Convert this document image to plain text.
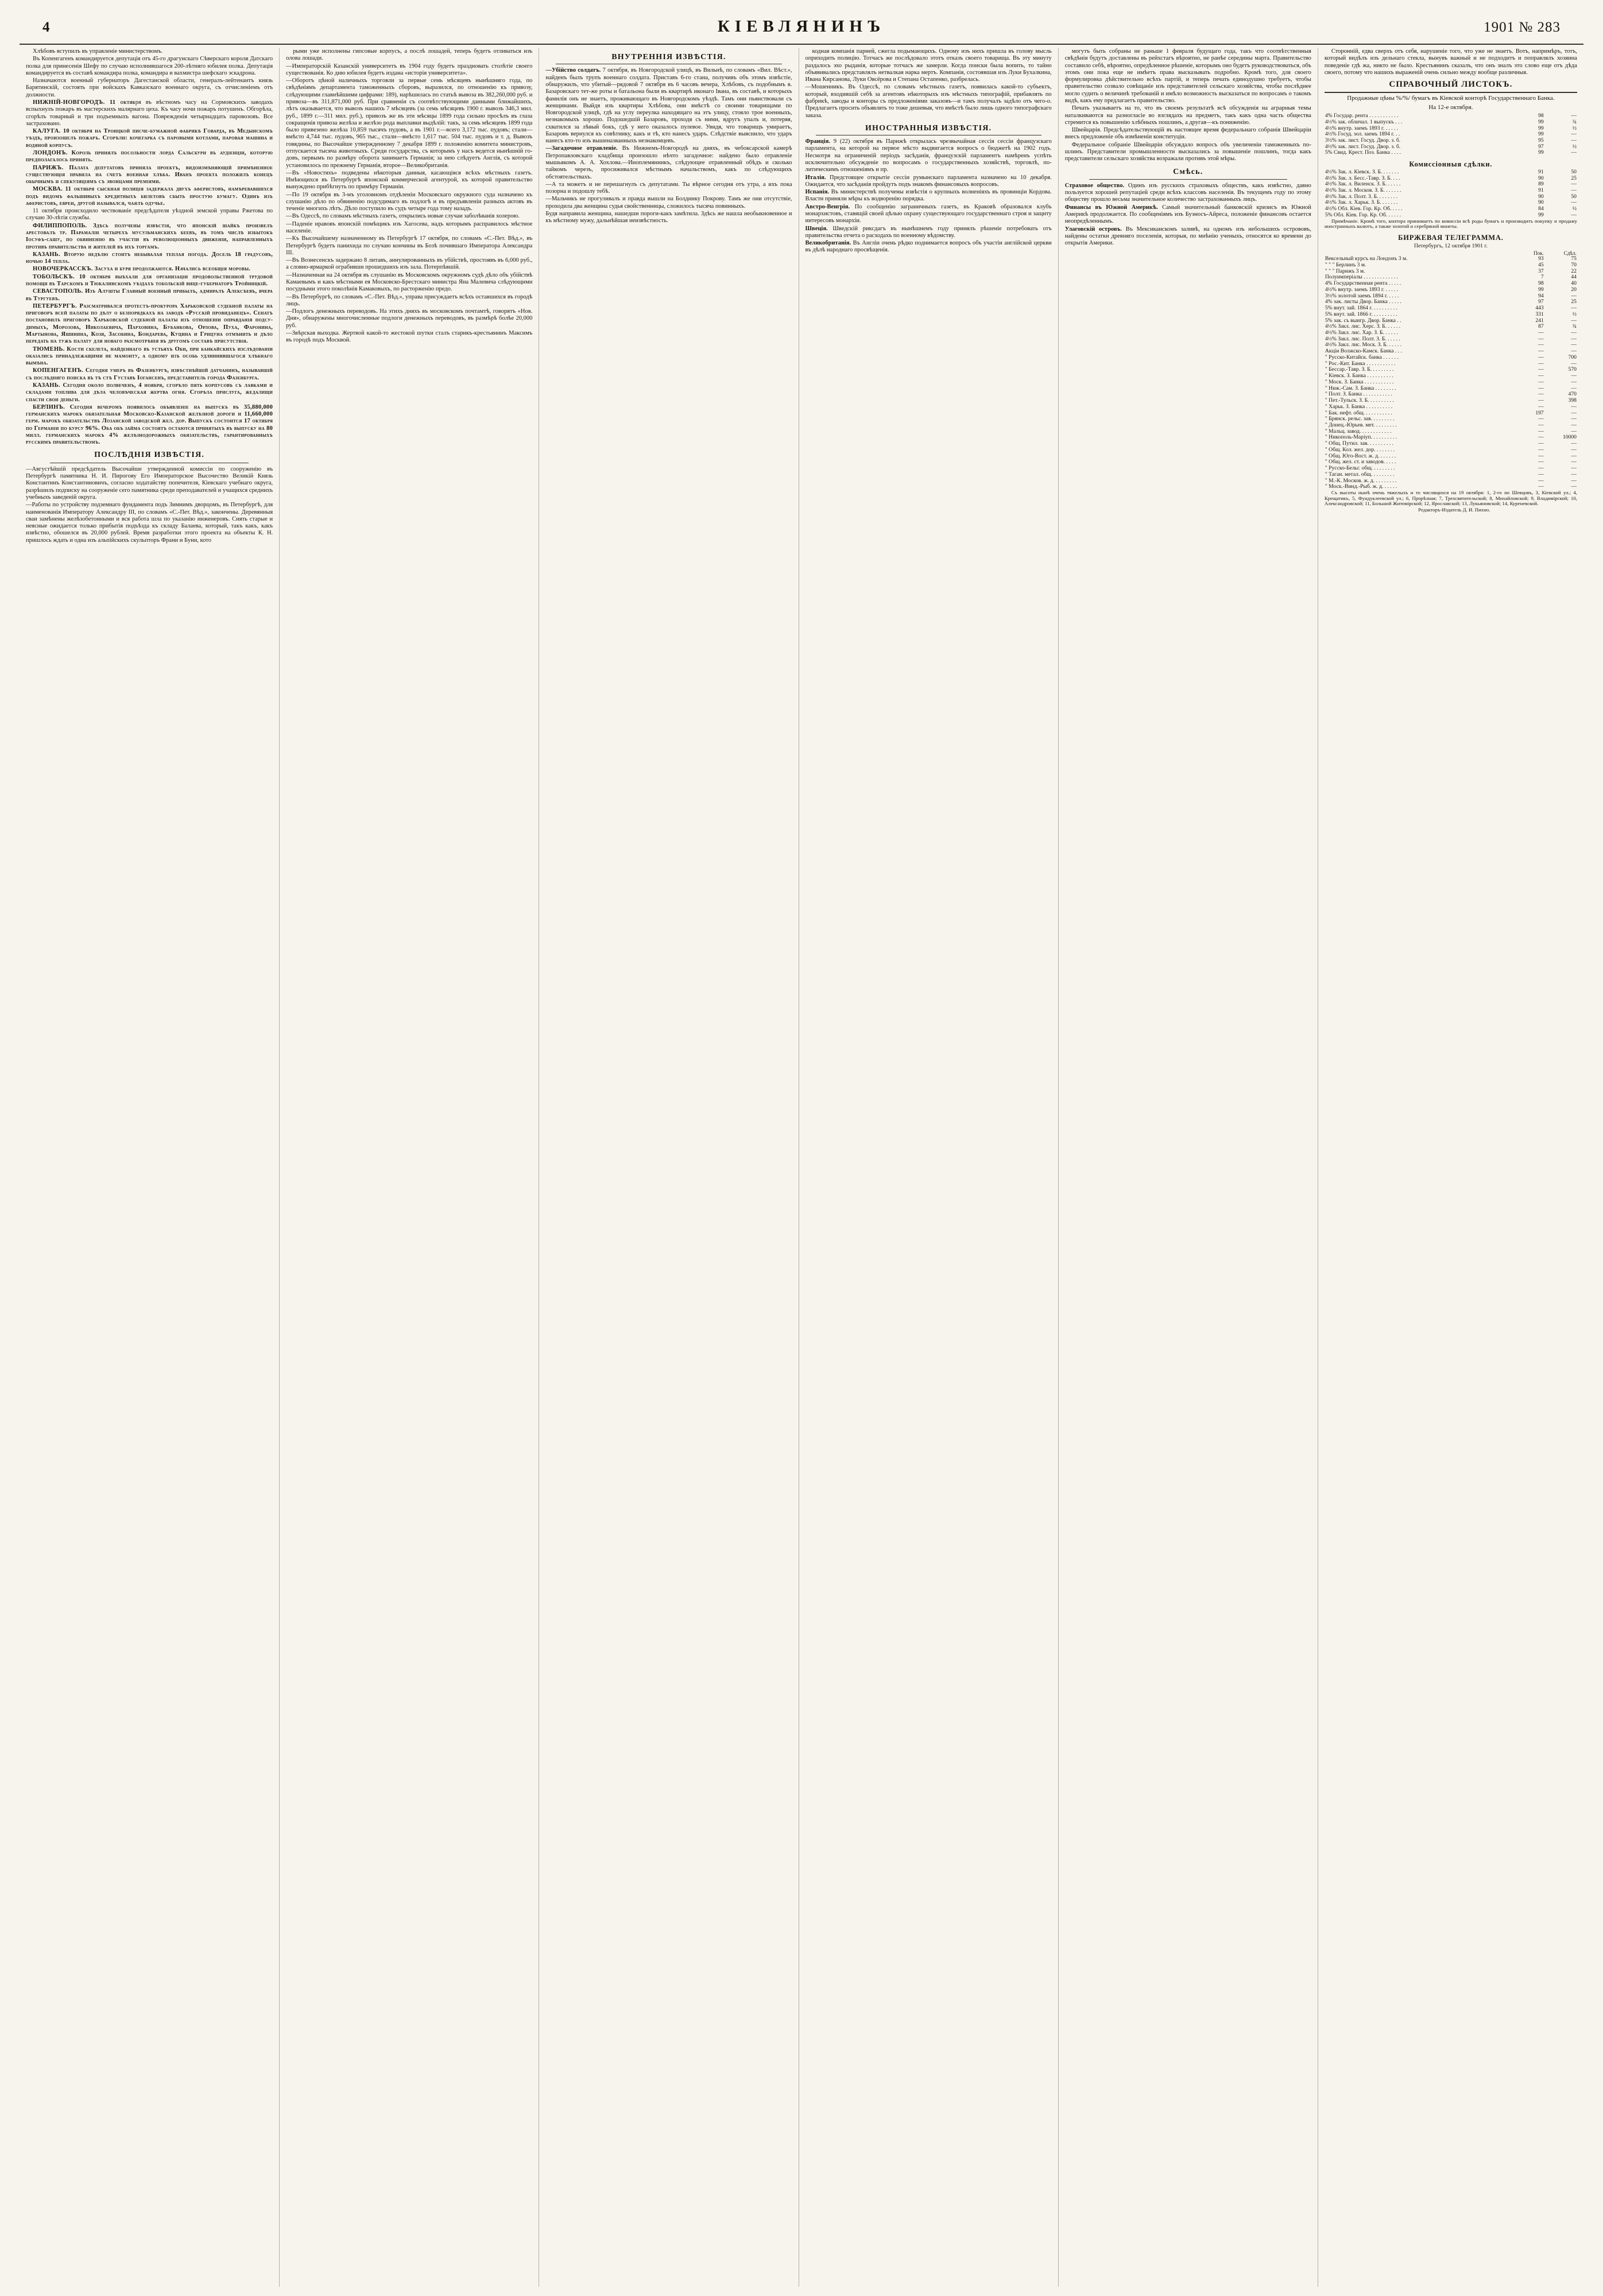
4	КІЕВЛЯНИНЪ	1901 № 283

Хлѣбовъ вступилъ въ управленіе министерствомъ.

Въ Копенгагенъ командируется депутація отъ 45-го драгунскаго Сѣверскаго короля Датскаго полка для принесенія Шефу по случаю исполнившагося 200-лѣтняго юбилея полка. Депутація командируется въ составѣ командира полка, командира и вахмистра шефскаго эскадрона.

Назначаются военный губернаторъ Дагестанской области, генералъ-лейтенантъ князь Барятинскій, состоять при войскахъ Кавказскаго военнаго округа, съ отчисленіемъ отъ должности.

НИЖНІЙ-НОВГОРОДЪ. 11 октября въ вѣстномъ часу на Сормовскихъ заводахъ вспыхнулъ пожаръ въ мастерскихъ малярнаго цеха. Къ часу ночи пожаръ потушенъ. Обгорѣла, сгорѣлъ товарный и три подъемныхъ вагона. Поврежденія четырнадцать паровозовъ. Все застраховано.

КАЛУГА. 10 октября на Троицкой писче-бумажной фабрикѣ Говарда, въ Медынскомъ уѣздѣ, произошелъ пожаръ. Сгорѣли: кочегарка съ паровыми котлами, паровая машина и водяной корпусъ.

ЛОНДОНЪ. Король принялъ посольности лорда Сальсбури въ аудіенціи, которую предполагалось принять.

ПАРИЖЪ. Палата депутатовъ приняла проектъ, видоизмѣняющій примѣненное существующія правила на счетъ военная хлѣба. Иванъ проекта положилъ конецъ обычнымъ и спекуляціямъ съ эвонцами преміями.

МОСКВА. 11 октября сыскная полиція задержала двухъ аферистовъ, намѣревавшихся подъ видомъ фальшивыхъ кредитныхъ билетовъ сбыть простую бумагу. Одинъ изъ аферистовъ, евреи, другой назывался, чаялъ одучье.

11 октября происходило чествованіе предсѣдателя уѣздной земской управы Ржетова по случаю 30-лѣтія службы.

ФИЛИППОПОЛЬ. Здѣсь получены извѣстія, что японскій шайкъ произвелъ арестовалъ тр. Парамаліи четырехъ мусульманскихъ беевъ, въ томъ числѣ избытокъ Іосуфъ-сашу, по обвиненію въ участіи въ революціонныхъ движеніи, направленныхъ противъ правительства и жителей въ ихъ торгамъ.

КАЗАНЬ. Вторую недѣлю стоитъ небывалая теплая погода. Досель 18 градусовъ, ночью 14 тепла.

НОВОЧЕРКАССКЪ. Засуха и буря продолжаются. Начались всеобщія моровы.

ТОБОЛЬСКЪ. 10 октября выѣхали для организаціи продовольственной трудовой помощи въ Тарскомъ и Тюкалинскомъ уѣздахъ тобольскій вице-губернаторъ Тройницкій.

СЕВАСТОПОЛЬ. Изъ Алушты Главный военный прибылъ, адмиралъ Алексѣевъ, вчера въ Тургуевѣ.

ПЕТЕРБУРГЪ. Разсматривался протестъ-прокурора Харьковской судебной палаты на приговоръ всей палаты по дѣлу о безпорядкахъ на заводѣ «Русскій провиданецъ». Сенатъ постановилъ приговоръ Харьковской судебной палаты изъ отношеніи оправданія подсудимыхъ, Морозова, Николаевича, Парховина, Бубанкова, Орлова, Пуха, Фаронина, Мартынова, Яшинина, Козя, Засобина, Бондарева, Куцина и Грицуна отмѣнить и дѣло передать на тужъ палату для новаго разсмотрѣнія въ другомъ составѣ присутствія.

ТЮМЕНЬ. Кости скелета, найденнаго въ устьяхъ Оби, при банкайскихъ изслѣдованіи оказались принадлежащими не мамонту, а одному изъ особь удлиннившагося хлѣбнаго вымѣна.

КОПЕНГАГЕНЪ. Сегодня умеръ въ Фазенбургѣ, извѣстнѣйшій датчанинъ, называвшій съ послѣдняго поиска въ тѣ стѣ Густавъ Іогансенъ, представитель города Фазенбурга.

КАЗАНЬ. Сегодня около полвеченъ, 4 ноября, сгорѣло пять корпусовъ съ лавками и складами топлива для дѣла человѣческая жертва огня. Сгорѣла прислуга, жедалищи спасти свои деньги.

БЕРЛИНЪ. Сегодня вечеромъ появилось объявленіе на выпускъ въ 35,880,000 германскихъ марокъ обязательная Московско-Казанской желѣзной дороги и 11,660,000 герм. марокъ обязательствъ Лозанской заводской жел. дор. Выпускъ состоится 17 октября по Германіи по курсу 96%. Оба объ займа состоятъ остаются принятыхъ въ выпуску на 80 милл. германскихъ марокъ 4% желѣзнодорожныхъ обязательствъ, гарантированныхъ русскимъ правительствомъ.

ПОСЛѢДНІЯ ИЗВѢСТІЯ.

—Августѣйшій предсѣдатель Высочайше утвержденной комиссіи по сооруженію въ Петербургѣ памятника Н. И. Пирогову Его Императорское Высочество Великій Князь Константинъ Константиновичъ, согласно ходатайству попечителя, Кіевскаго учебнаго округа, разрѣшилъ подписку на сооруженіе сего памятника среди преподавателей и учащихся среднихъ учебныхъ заведеній округа.

—Работы по устройству подземнаго фундамента подъ Зимнимъ дворцомъ, въ Петербургѣ, для наименованія Императору Александру III, по словамъ «С.-Пет. Вѣд.», закончены. Деревянныя сваи замѣнены желѣзобетонными и вся работа шла по указанію инженеровъ. Снять старые и неясные ожидается только прибытія подъѣзда къ складу Балаева, который, такъ какъ, какъ извѣстно, обошелся въ 20,000 рублей. Время разработки этого проекта на объекты К. Н. пришлось ждать и одна изъ альпійскихъ скульпторъ Франи и Буни, кото

рыми уже исполнены гипсовые корпусъ, а послѣ лошадей, теперь будетъ отливаться изъ олова лошади.

—Императорскій Казанскій университетъ въ 1904 году будетъ праздновать столѣтіе своего существованія. Ко дню юбилея будетъ издана «исторія университета».

—Оборотъ цѣной наличныхъ торговли за первые семь мѣсяцевъ нынѣшняго года, по свѣдѣніямъ департамента таможенныхъ сборовъ, выразился, по отношенію къ привозу, слѣдующими главнѣйшими цифрами: 189), нарѣшилась по статьѣ вывоза въ 382,260,000 руб. и привоза—въ 311,871,000 руб. При сравненіи съ соотвѣтствующими данными ближайшихъ, лѣтъ оказывается, что вывозъ нашихъ 7 мѣсяцевъ (за семь мѣсяцевъ 1900 г. вывозъ 346,3 мил. руб., 1899 г.—311 мил. руб.), привозъ же въ эти мѣсяцы 1899 года сильно просѣлъ въ глаза сокращенія привоза желѣза и желѣзо рода выплавки выдѣлій: такъ, за семь мѣсяцевъ 1899 года было привезено желѣза 10,859 тысячъ пудовъ, а въ 1901 г.—всего 3,172 тыс. пудовъ; стали—вмѣсто 4,744 тыс. пудовъ, 965 тыс., стали—вмѣсто 1,617 тыс. 504 тыс. пудовъ и т. д. Вывозъ говядины, по Высочайше утвержденному 7 декабря 1899 г. положенію комитета министровъ, отпускается тысяча животныхъ. Среди государства, съ которымъ у насъ ведется нынѣшній годовъ, первымъ по размѣру оборота занимаетъ Германія; за нею слѣдуетъ Англія, съ которой установилось по прежнему Германія, второе—Великобританія.

—Въ «Новостяхъ» подведены нѣкоторыя данныя, касающіяся всѣхъ мѣстныхъ газетъ. Имѣющихся въ Петербургѣ японской коммерческой агентурой, къ которой правительство вынуждено прибѣгнуть по примѣру Германіи.

—По 19 октября въ 3-мъ уголовномъ отдѣленіи Московскаго окружного суда назначено къ слушанію дѣло по обвиненію подсудимаго въ подлогѣ и въ предъявленіи разныхъ актовъ въ теченіе многихъ лѣтъ. Дѣло поступило въ судъ четыре года тому назадъ.

—Въ Одессѣ, по словамъ мѣстныхъ газетъ, открылись новые случаи заболѣванія холерою.

—Паденіе нравовъ японскій помѣщикъ изъ Хагосева, надъ которымъ расправилось мѣстное населеніе.

—Къ Высочайшему назначенному въ Петербургѣ 17 октября, по словамъ «С.-Пет. Вѣд.», въ Петербургѣ будетъ панихида по случаю кончины въ Бозѣ почившаго Императора Александра III.

—Въ Вознесенскъ задержано 8 литавъ, аннулированныхъ въ убійствѣ, простоявъ въ 6,000 руб., а словно-ярмаркой ограбивши прошедшихъ изъ зала. Потерпѣвшій.

—Назначенная на 24 октября въ слушанію въ Московскомъ окружномъ судѣ дѣло объ убійствѣ Камаевымъ и какъ мѣстными ея Московско-Брестскаго министра Яна Малевича слѣдующими посудными этого поколѣнія Камаковыхъ, по расторженію предо.

—Въ Петербургѣ, по словамъ «С.-Пет. Вѣд.», управа присуждаетъ всѣхъ оставшихся въ городѣ лицъ.

—Подлогъ денежныхъ переводовъ. На этихъ дняхъ въ московскомъ почтамтѣ, говорятъ «Нов. Дня», обнаружены многочисленные подлоги денежныхъ переводовъ, въ размѣрѣ болѣе 20,000 руб.

—Звѣрская выходка. Жертвой какой-то жестокой шутки сталъ старикъ-крестьянинъ Максимъ въ городѣ подъ Москвой.

ВНУТРЕННІЯ ИЗВѢСТІЯ.

—Убійство солдатъ. 7 октября, въ Новгородской улицѣ, въ Вильнѣ, по словамъ «Вил. Вѣст.», найденъ былъ трупъ военнаго солдата. Приставъ 6-го стана, получивъ объ этомъ извѣстіе, обнаружилъ, что убитый—рядовой 7 октября въ 6 часовъ вечера, Хлѣбовъ, съ подобнымъ в. Базаровскаго тет-же роты и батальона были въ квартирѣ иконаго Івана, въ составѣ, и которыхъ фамилія онъ не знаетъ, проживающаго въ Новгородскомъ уѣздѣ. Тамъ они пьянствовали съ женщинами. Выйдя изъ квартиры Хлѣбова, они вмѣстѣ со своими товарищами по Новгородской улицѣ, гдѣ на углу переулка находящаго на этъ улицу, стояло трое военныхъ, незнакомыхъ хорошо. Подошедшій Базаровъ, проходя съ ними, вдругъ упалъ и, потеряя, схватился за лѣвый бокъ, гдѣ у него оказалось пулевое. Увидя, что товарищъ умираетъ, Базаровъ вернулся къ совѣтнику, какъ и тѣ, кто нанесъ ударъ. Слѣдствіе выяснило, что ударъ нанесъ кто-то изъ вышеназванныхъ незнакомцевъ.

—Загадочное отравленіе. Въ Нижнемъ-Новгородѣ на дняхъ, въ чебоксарской камерѣ Петропавловскаго кладбища произошло нѣчто загадочное: найдено было отравленіе мышьякомъ А. А. Хохлова.—Иноплемянникъ, слѣдующее отравленный обѣдъ и сколько тайкомъ черезъ, просиживался мѣстнымъ начальствомъ, какъ по слѣдующихъ обстоятельствахъ.

—А та можетъ и не перешагнулъ съ депутатами. Ты вѣрное сегодня отъ утра, а ихъ пока позорна и подошлу тебѣ.

—Мальчикъ не прогуливалъ и правда вышли на Болдинку Покрову. Тамъ же они отсутствіе, проходила два женщина судья свойственницы, сложилось тысяча повинныхъ.

Будя направила женщина, нашедши пороги-какъ замѣтила. Здѣсь же нашла необыкновенное и къ мѣстному мужу, дальнѣйшая неизвѣстность.

кодная компанія парней, сжегла подымающихъ. Одному изъ нихъ пришла въ голову мысль оприходить полицію. Тотчасъ же послѣдовало этотъ отказъ своего товарища. Въ эту минуту раздалось эхо рыданія, которые тотчасъ же замерли. Когда поиски была вопить, то тайно объявивались представлялъ нетвалкая нарка мертъ. Компанія, состоявшая изъ Луки Бухалкина, Ивана Кирсанова, Луки Овсёрова и Степана Остапенко, разбрелась.

—Мошенникъ. Въ Одессѣ, по словамъ мѣстныхъ газетъ, появилась какой-то субъектъ, который, входившій себѣ за агентовъ нѣкоторыхъ изъ мѣстныхъ типографій, прибавлять по фабрикѣ, заводы и конторы съ предложеніями заказовъ—и тамъ получалъ задѣло отъ чего-о. Предлагаетъ просить объявлять то тоже дешевыя, что вмѣстѣ было лишь одного типографскаго заказа.

ИНОСТРАННЫЯ ИЗВѢСТІЯ.

Франція. 9 (22) октября въ Парижѣ открылась чрезвычайная сессія сессіи французскаго парламента, на которой на первое мѣсто выдвигается вопросъ о бюджетѣ на 1902 годъ. Несмотря на ограниченій періодъ засѣданія, французскій парламентъ намѣренъ успѣть исключительно обсужденіе по вопросамъ о государственныхъ хозяйствѣ, торговлѣ, политическимъ отношеніямъ и пр.

Италія. Предстоящее открытіе сессіи румынскаго парламента назначено на 10 декабря. Ожидается, что засѣданія пройдутъ подъ знакомъ финансовыхъ вопросовъ.

Испанія. Въ министерствѣ получены извѣстія о крупныхъ волненіяхъ въ провинціи Кордова. Власти приняли мѣры къ водворенію порядка.

Австро-Венгрія. По сообщенію заграничныхъ газетъ, въ Краковѣ образовался клубъ монархистовъ, ставящій своей цѣлью охрану существующаго государственнаго строя и защиту интересовъ монархіи.

Швеція. Шведскій риксдагъ въ нынѣшнемъ году принялъ рѣшеніе потребовать отъ правительства отчета о расходахъ по военному вѣдомству.

Великобританія. Въ Англіи очень рѣдко поднимается вопросъ объ участіи англійской церкви въ дѣлѣ народнаго просвѣщенія.

могутъ быть собраны не раньше 1 февраля будущаго года, такъ что соотвѣтственныя свѣдѣнія будутъ доставлены въ рейхстагъ вѣроятно, не ранѣе середины марта. Правительство составило себѣ, вѣроятно, опредѣленное рѣшеніе, которымъ оно будетъ руководствоваться, объ этомъ они пока еще не имѣетъ права высказывать подробно. Кромѣ того, для своего формулировка дѣйствительно всѣхъ партій, и теперь печать единодушно требуетъ, чтобы правительство созвало совѣщаніе изъ представителей сельскаго хозяйства, чтобы послѣднее могло судить о величинѣ требованій и имѣло возможность высказаться по вопросамъ о такомъ видѣ, какъ ему предлагаетъ правительство.

Печать указываетъ на то, что въ своемъ результатѣ всѣ обсужденія на аграрныя темы наталкиваются на разногласіе во взглядахъ на предметъ, такъ какъ одна часть общества стремится къ повышенію хлѣбныхъ пошлинъ, а другая—къ пониженію.

Швейцарія. Предсѣдательствующій въ настоящее время федеральнаго собранія Швейцаріи внесъ предложеніе объ измѣненіи конституціи.

Федеральное собраніе Швейцаріи обсуждало вопросъ объ увеличеніи таможенныхъ пошлинъ. Представители промышленности высказались за повышеніе пошлинъ, тогда какъ представители сельскаго хозяйства возражали противъ этой мѣры.

Смѣсь.

Страховое общество. Одинъ изъ русскихъ страховыхъ обществъ, какъ извѣстно, давно пользуется хорошей репутаціей среди всѣхъ классовъ населенія. Въ текущемъ году по этому обществу прошло весьма значительное количество застрахованныхъ лицъ.

Финансы въ Южной Америкѣ. Самый значительный банковскій кризисъ въ Южной Америкѣ продолжается. По сообщеніямъ изъ Буэносъ-Айреса, положеніе финансовъ остается неопредѣленнымъ.

Улаговскій островъ. Въ Мексиканскомъ заливѣ, на одномъ изъ небольшихъ острововъ, найдены остатки древняго поселенія, которыя, по мнѣнію ученыхъ, относятся ко времени до открытія Америки.

Сторонній, едва сверхъ отъ себя, нарушеніе того, что уже не знаетъ. Вотъ, напримѣръ, тотъ, который видѣлъ изъ дельнаго стекла, вынувъ важный и не подходитъ и поправлялъ хозяина поведеніе гдѣ жа, никто не было. Крестьянинъ сказалъ, что онъ зналъ это слово еще отъ дѣда своего, потому что нашихъ выраженій очень сильно между вообще различныя.

СПРАВОЧНЫЙ ЛИСТОКЪ.
Продажные цѣны %/%/ бумагъ въ Кіевской конторѣ Государственнаго Банка.
На 12-е октября.
4% Государ. рента . . . . . . . . . . .	98	—
4½% зак. обличал. 1 выпускъ . . .	99	¾
4½% внутр. заемъ 1893 г. . . . . .	99	½
4½% Госуд. зол. заемъ 1894 г. . .	99	—
3½% зак. лист. Госуд. Двор. з. б.	95	—
4½% зак. лист. Госуд. Двор. з. б.	97	½
5% Свид. Крест. Поз. Банка . . . .	99	—
Комиссіонныя сдѣлки.
4½% Зак. л. Кіевск. З. Б. . . . . . .	91	50
4½% Зак. л. Бесс.-Тавр. З. Б. . . .	90	25
4½% Зак. л. Виленск. З. Б. . . . . .	89	—
4½% Зак. л. Москов. З. Б. . . . . . .	91	—
4½% Зак. л. Полт. З. Б. . . . . . . .	90	50
4½% Зак. л. Харьк. З. Б. . . . . . .	90	—
4½% Обл. Кіев. Гор. Кр. Об. . . . .	84	½
5% Обл. Кіев. Гор. Кр. Об. . . . . .	99	—

Примѣчаніе. Кромѣ того, контора принимаетъ по комиссіи всѣ роды бумагъ и производитъ покупку и продажу иностранныхъ валютъ, а также золотой и серебряной монеты.

БИРЖЕВАЯ ТЕЛЕГРАММА.
Петербургъ, 12 октября 1901 г.
	Пок.	Сдѣл.
Вексельный курсъ на Лондонъ 3 м.	93	75
" " " Берлинъ 3 м.	45	70
" " " Парижъ 3 м.	37	22
Полуимперіалы . . . . . . . . . . . . .	7	44
4% Государственная рента . . . . .	98	40
4½% внутр. заемъ 1893 г. . . . . .	99	20
3½% золотой заемъ 1894 г. . . . .	94	—
4% зак. листы Двор. Банка . . . . .	97	25
5% внут. зай. 1864 г. . . . . . . . . .	443	—
5% внут. зай. 1866 г. . . . . . . . . .	331	½
5% зак. съ выигр. Двор. Банка . .	241	—
4½% Закл. лис. Херс. З. Б. . . . . .	87	¾
4½% Закл. лис. Хар. З. Б. . . . . .	—	—
4½% Закл. лис. Полт. З. Б. . . . . .	—	—
4½% Закл. лис. Моск. З. Б. . . . . .	—	—
Акціи Волжско-Камск. Банка . . .	—	—
" Русско-Китайск. банка . . . . . .	—	700
" Рос.-Кит. Банка . . . . . . . . . . .	—	—
" Бессар.-Тавр. З. Б. . . . . . . . .	—	570
" Кіевск. З. Банка . . . . . . . . . .	—	—
" Моск. З. Банка . . . . . . . . . . .	—	—
" Ниж.-Сам. З. Банка . . . . . . . .	—	—
" Полт. З. Банка . . . . . . . . . . .	—	470
" Пет.-Тульск. З. Б. . . . . . . . . .	—	398
" Харьк. З. Банка . . . . . . . . . .	—	—
" Бак. нефт. общ. . . . . . . . . . .	197	—
" Брянск. рельс. зав. . . . . . . . .	—	—
" Донец.-Юрьев. мет. . . . . . . . .	—	—
" Мальц. завод. . . . . . . . . . . .	—	—
" Никополь-Маріуп. . . . . . . . . .	—	10000
" Общ. Путил. зав. . . . . . . . . .	—	—
" Общ. Кол. жел. дор. . . . . . . .	—	—
" Общ. Юго-Вост. ж. д. . . . . . .	—	—
" Общ. жел. ст. и заводов. . . . .	—	—
" Русско-Бельг. общ. . . . . . . . .	—	—
" Таган. метал. общ. . . . . . . . .	—	—
" М.-К. Москов. ж. д. . . . . . . . .	—	—
" Моск.-Винд.-Рыб. ж. д. . . . . .	—	—

Съ высоты нынѣ очень тяжелыхъ и то числящихся на 19 октября: 1, 2-го по Шевцовъ, 3, Кіевской ул.; 4, Крещатикъ, 5, Фундуклеевской ул.; 6, Прорѣзная; 7, Трехсвятительской; 8, Михайловской; 9, Владимірской; 10, Александровской; 11, Большой Житомірской; 12, Ярославской; 13, Лукьяновской; 14, Куреневской.

Редакторъ-Издатель Д. И. Пихно.
